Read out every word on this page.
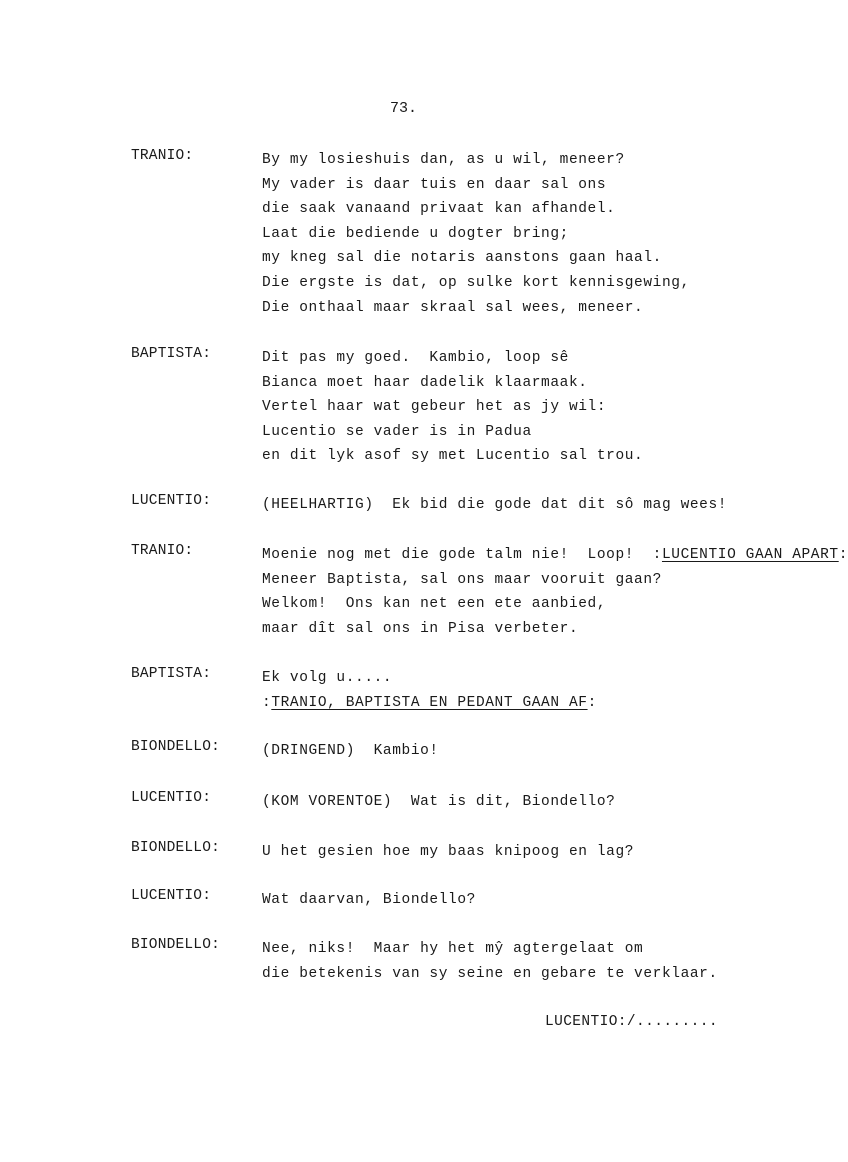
73.
TRANIO:	By my losieshuis dan, as u wil, meneer?
My vader is daar tuis en daar sal ons
die saak vanaand privaat kan afhandel.
Laat die bediende u dogter bring;
my kneg sal die notaris aanstons gaan haal.
Die ergste is dat, op sulke kort kennisgewing,
Die onthaal maar skraal sal wees, meneer.
BAPTISTA:	Dit pas my goed.  Kambio, loop sê
Bianca moet haar dadelik klaarmaak.
Vertel haar wat gebeur het as jy wil:
Lucentio se vader is in Padua
en dit lyk asof sy met Lucentio sal trou.
LUCENTIO:	(HEELHARTIG)  Ek bid die gode dat dit sô mag wees!
TRANIO:	Moenie nog met die gode talm nie!  Loop!  :LUCENTIO GAAN APART:
Meneer Baptista, sal ons maar vooruit gaan?
Welkom!  Ons kan net een ete aanbied,
maar dît sal ons in Pisa verbeter.
BAPTISTA:	Ek volg u.....
:TRANIO, BAPTISTA EN PEDANT GAAN AF:
BIONDELLO:	(DRINGEND)  Kambio!
LUCENTIO:	(KOM VORENTOE)  Wat is dit, Biondello?
BIONDELLO:	U het gesien hoe my baas knipoog en lag?
LUCENTIO:	Wat daarvan, Biondello?
BIONDELLO:	Nee, niks!  Maar hy het mŷ agtergelaat om
die betekenis van sy seine en gebare te verklaar.
LUCENTIO:/.........
